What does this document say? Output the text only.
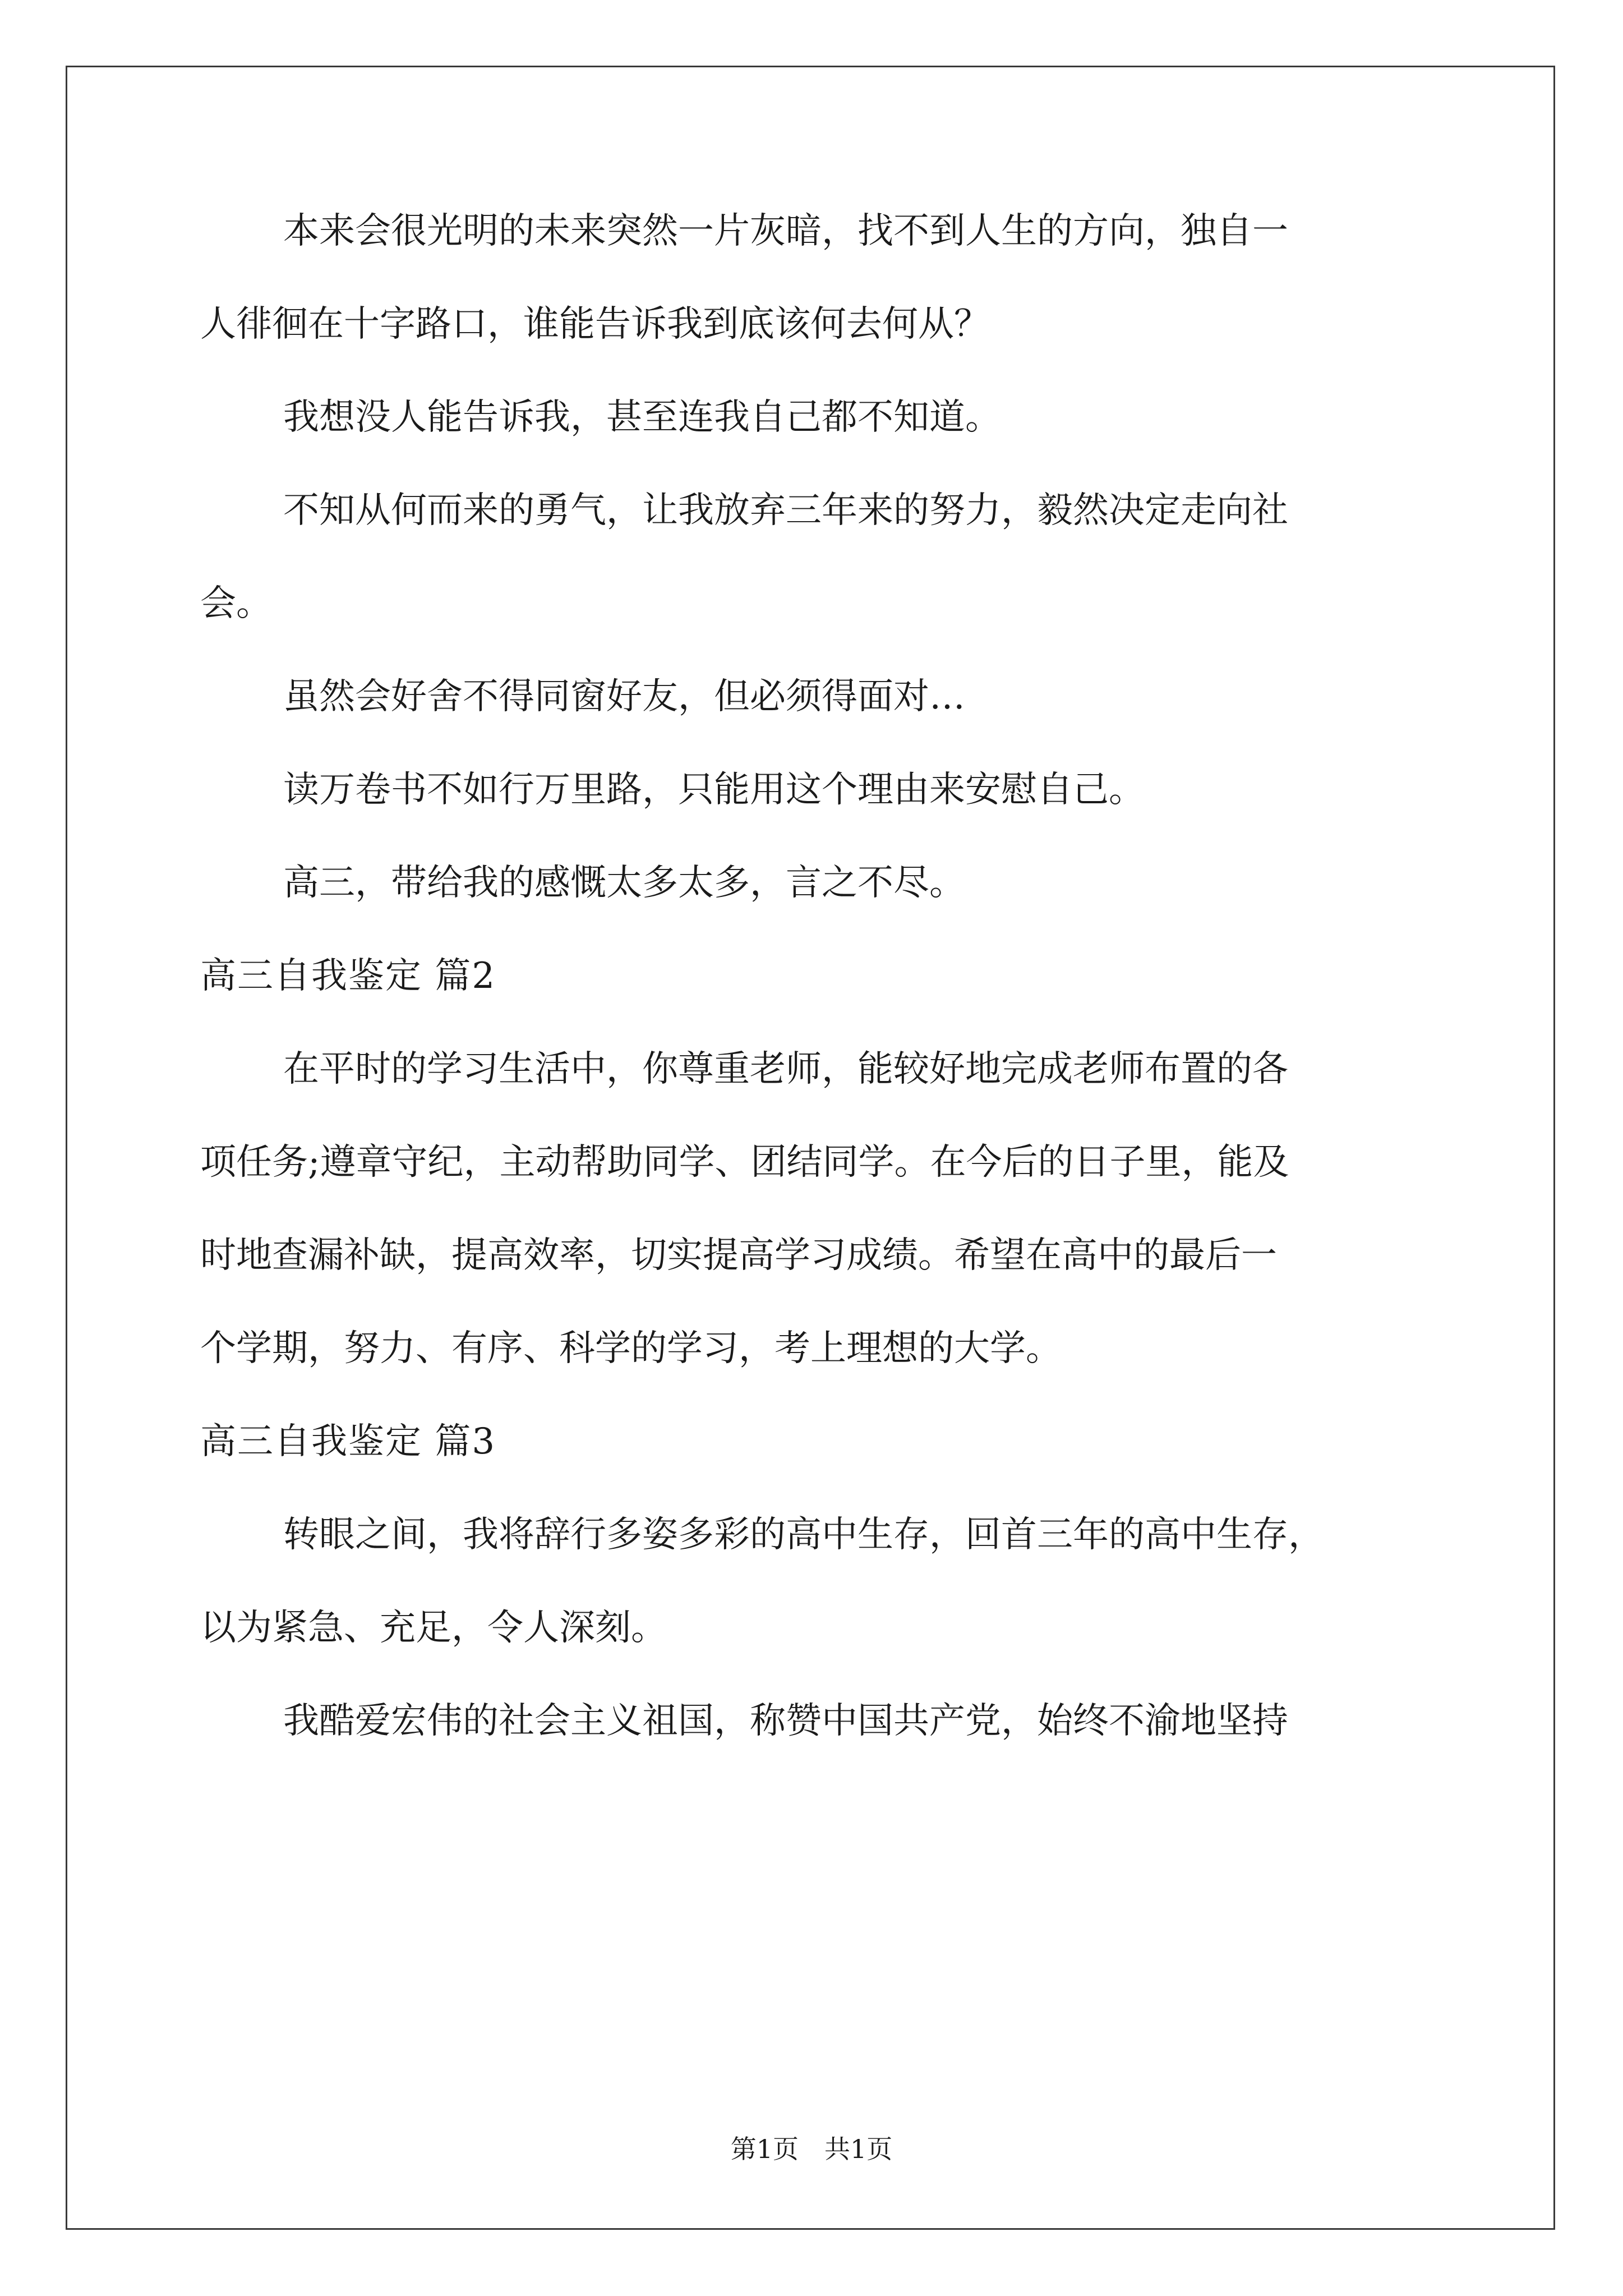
本来会很光明的未来突然一片灰暗，找不到人生的方向，独自一
人徘徊在十字路口，谁能告诉我到底该何去何从？
我想没人能告诉我，甚至连我自己都不知道。
不知从何而来的勇气，让我放弃三年来的努力，毅然决定走向社
会。
虽然会好舍不得同窗好友，但必须得面对…
读万卷书不如行万里路，只能用这个理由来安慰自己。
高三，带给我的感慨太多太多，言之不尽。
高三自我鉴定 篇2
在平时的学习生活中，你尊重老师，能较好地完成老师布置的各
项任务;遵章守纪，主动帮助同学、团结同学。在今后的日子里，能及
时地查漏补缺，提高效率，切实提高学习成绩。希望在高中的最后一
个学期，努力、有序、科学的学习，考上理想的大学。
高三自我鉴定 篇3
转眼之间，我将辞行多姿多彩的高中生存，回首三年的高中生存，
以为紧急、充足，令人深刻。
我酷爱宏伟的社会主义祖国，称赞中国共产党，始终不渝地坚持
第1页 共1页
